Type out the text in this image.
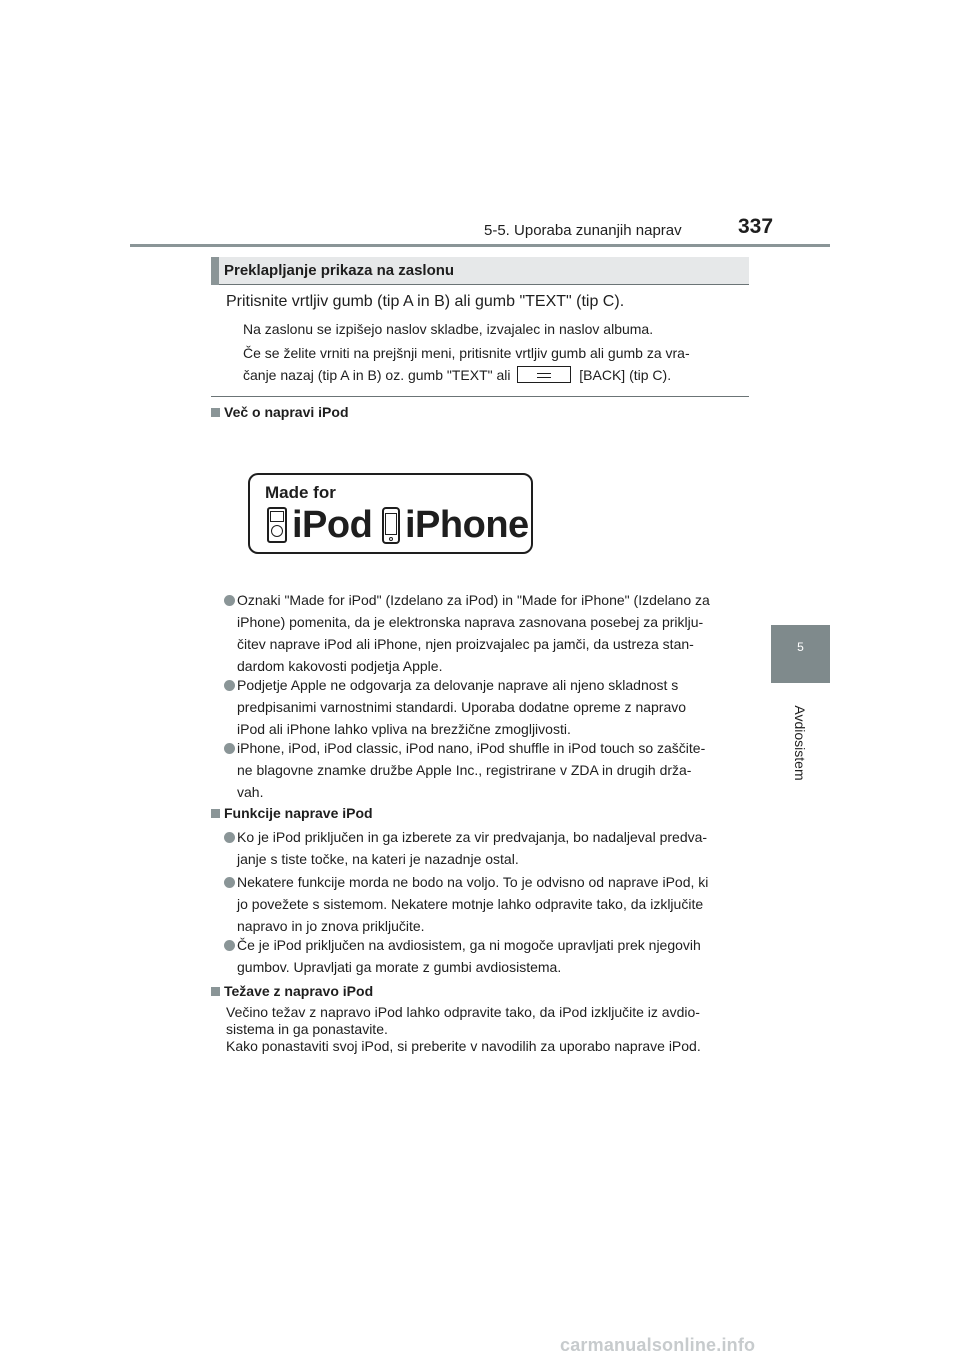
5-5. Uporaba zunanjih naprav	337
5
Avdiosistem
Preklapljanje prikaza na zaslonu
Pritisnite vrtljiv gumb (tip A in B) ali gumb "TEXT" (tip C).
Na zaslonu se izpišejo naslov skladbe, izvajalec in naslov albuma.
Če se želite vrniti na prejšnji meni, pritisnite vrtljiv gumb ali gumb za vra-
čanje nazaj (tip A in B) oz. gumb "TEXT" ali	[BACK] (tip C).
Več o napravi iPod
Made for
iPod iPhone
Oznaki "Made for iPod" (Izdelano za iPod) in "Made for iPhone" (Izdelano za
iPhone) pomenita, da je elektronska naprava zasnovana posebej za priklju-
čitev naprave iPod ali iPhone, njen proizvajalec pa jamči, da ustreza stan-
dardom kakovosti podjetja Apple.
Podjetje Apple ne odgovarja za delovanje naprave ali njeno skladnost s
predpisanimi varnostnimi standardi. Uporaba dodatne opreme z napravo
iPod ali iPhone lahko vpliva na brezžične zmogljivosti.
iPhone, iPod, iPod classic, iPod nano, iPod shuffle in iPod touch so zaščite-
ne blagovne znamke družbe Apple Inc., registrirane v ZDA in drugih drža-
vah.
Funkcije naprave iPod
Ko je iPod priključen in ga izberete za vir predvajanja, bo nadaljeval predva-
janje s tiste točke, na kateri je nazadnje ostal.
Nekatere funkcije morda ne bodo na voljo. To je odvisno od naprave iPod, ki
jo povežete s sistemom. Nekatere motnje lahko odpravite tako, da izključite
napravo in jo znova priključite.
Če je iPod priključen na avdiosistem, ga ni mogoče upravljati prek njegovih
gumbov. Upravljati ga morate z gumbi avdiosistema.
Težave z napravo iPod
Večino težav z napravo iPod lahko odpravite tako, da iPod izključite iz avdio-
sistema in ga ponastavite.
Kako ponastaviti svoj iPod, si preberite v navodilih za uporabo naprave iPod.
carmanualsonline.info
